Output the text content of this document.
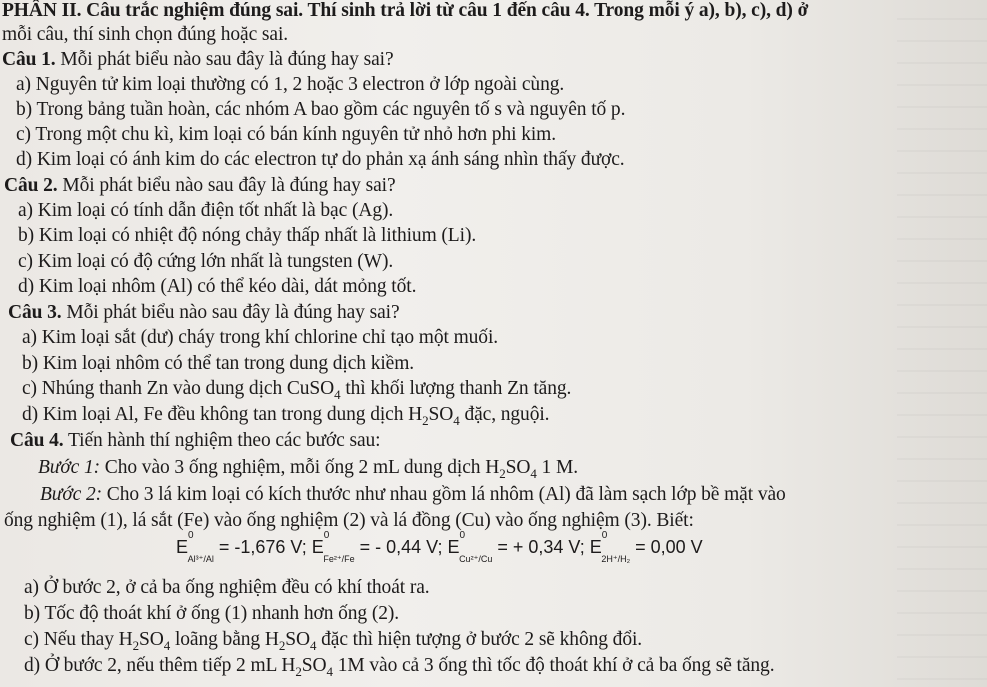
PHẦN II. Câu trắc nghiệm đúng sai. Thí sinh trả lời từ câu 1 đến câu 4. Trong mỗi ý a), b), c), d) ở
mỗi câu, thí sinh chọn đúng hoặc sai.
Câu 1. Mỗi phát biểu nào sau đây là đúng hay sai?
a) Nguyên tử kim loại thường có 1, 2 hoặc 3 electron ở lớp ngoài cùng.
b) Trong bảng tuần hoàn, các nhóm A bao gồm các nguyên tố s và nguyên tố p.
c) Trong một chu kì, kim loại có bán kính nguyên tử nhỏ hơn phi kim.
d) Kim loại có ánh kim do các electron tự do phản xạ ánh sáng nhìn thấy được.
Câu 2. Mỗi phát biểu nào sau đây là đúng hay sai?
a) Kim loại có tính dẫn điện tốt nhất là bạc (Ag).
b) Kim loại có nhiệt độ nóng chảy thấp nhất là lithium (Li).
c) Kim loại có độ cứng lớn nhất là tungsten (W).
d) Kim loại nhôm (Al) có thể kéo dài, dát mỏng tốt.
Câu 3. Mỗi phát biểu nào sau đây là đúng hay sai?
a) Kim loại sắt (dư) cháy trong khí chlorine chỉ tạo một muối.
b) Kim loại nhôm có thể tan trong dung dịch kiềm.
c) Nhúng thanh Zn vào dung dịch CuSO$_4$ thì khối lượng thanh Zn tăng.
d) Kim loại Al, Fe đều không tan trong dung dịch $H_2SO_4$ đặc, nguội.
Câu 4. Tiến hành thí nghiệm theo các bước sau:
Bước 1: Cho vào 3 ống nghiệm, mỗi ống 2 mL dung dịch $H_2SO_4$ 1 M.
Bước 2: Cho 3 lá kim loại có kích thước như nhau gồm lá nhôm (Al) đã làm sạch lớp bề mặt vào
ống nghiệm (1), lá sắt (Fe) vào ống nghiệm (2) và lá đồng (Cu) vào ống nghiệm (3). Biết:
$E^0_{Al^{3+}/Al} = -1,676$ V; $E^0_{Fe^{2+}/Fe}$ = - 0,44 V; $E^0_{Cu^{2+}/Cu}$ = + 0,34 V; $E^0_{2H^+/H_2} = 0,00$ V
a) Ở bước 2, ở cả ba ống nghiệm đều có khí thoát ra.
b) Tốc độ thoát khí ở ống (1) nhanh hơn ống (2).
c) Nếu thay $H_2SO_4$ loãng bằng $H_2SO_4$ đặc thì hiện tượng ở bước 2 sẽ không đổi.
d) Ở bước 2, nếu thêm tiếp 2 mL $H_2SO_4$ 1M vào cả 3 ống thì tốc độ thoát khí ở cả ba ống sẽ tăng.
